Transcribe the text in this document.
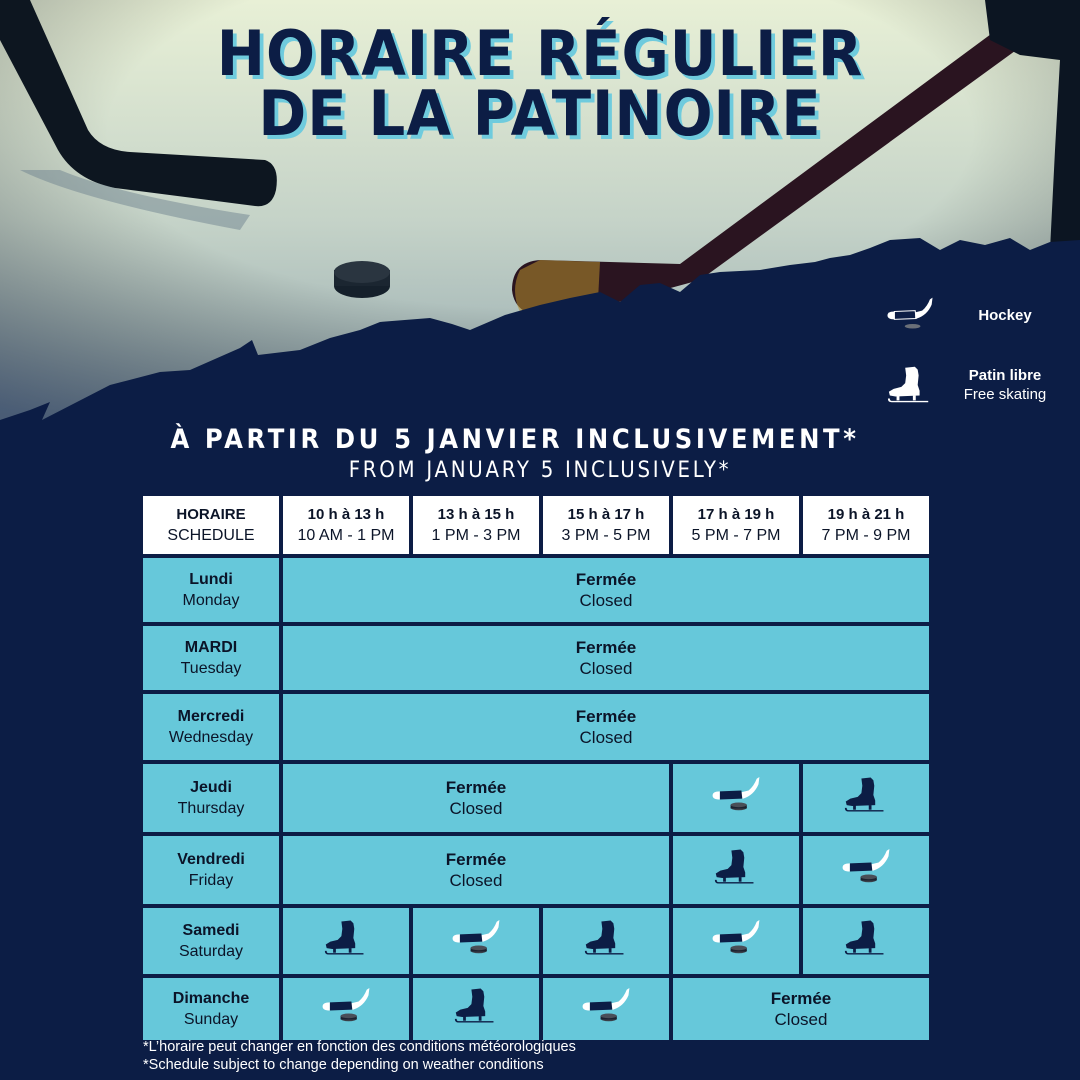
HORAIRE RÉGULIER
DE LA PATINOIRE
Hockey
Patin libre
Free skating
À PARTIR DU 5 JANVIER INCLUSIVEMENT*
FROM JANUARY 5 INCLUSIVELY*
HORAIRE
SCHEDULE
10 h à 13 h
10 AM - 1 PM
13 h à 15 h
1 PM - 3 PM
15 h à 17 h
3 PM - 5 PM
17 h à 19 h
5 PM - 7 PM
19 h à 21 h
7 PM - 9 PM
Lundi
Monday
Fermée
Closed
MARDI
Tuesday
Fermée
Closed
Mercredi
Wednesday
Fermée
Closed
Jeudi
Thursday
Fermée
Closed
Vendredi
Friday
Fermée
Closed
Samedi
Saturday
Dimanche
Sunday
Fermée
Closed
*L’horaire peut changer en fonction des conditions météorologiques
*Schedule subject to change depending on weather conditions
